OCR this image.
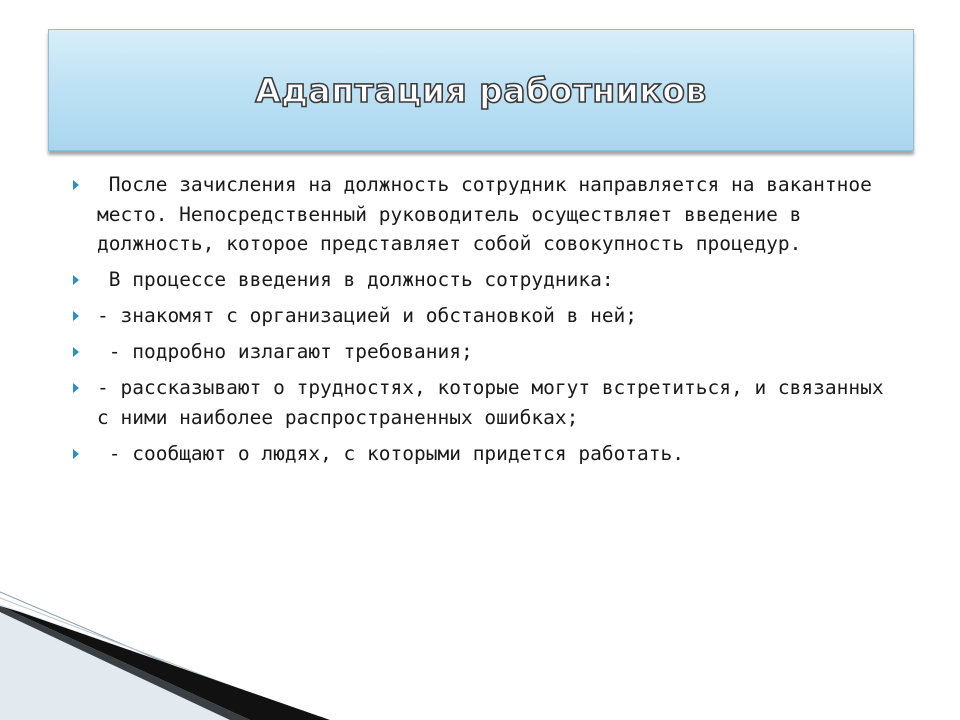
Адаптация работников
После зачисления на должность сотрудник направляется на вакантное место. Непосредственный руководитель осуществляет введение в должность, которое представляет собой совокупность процедур.
В процессе введения в должность сотрудника:
- знакомят с организацией и обстановкой в ней;
- подробно излагают требования;
- рассказывают о трудностях, которые могут встретиться, и связанных с ними наиболее распространенных ошибках;
- сообщают о людях, с которыми придется работать.
